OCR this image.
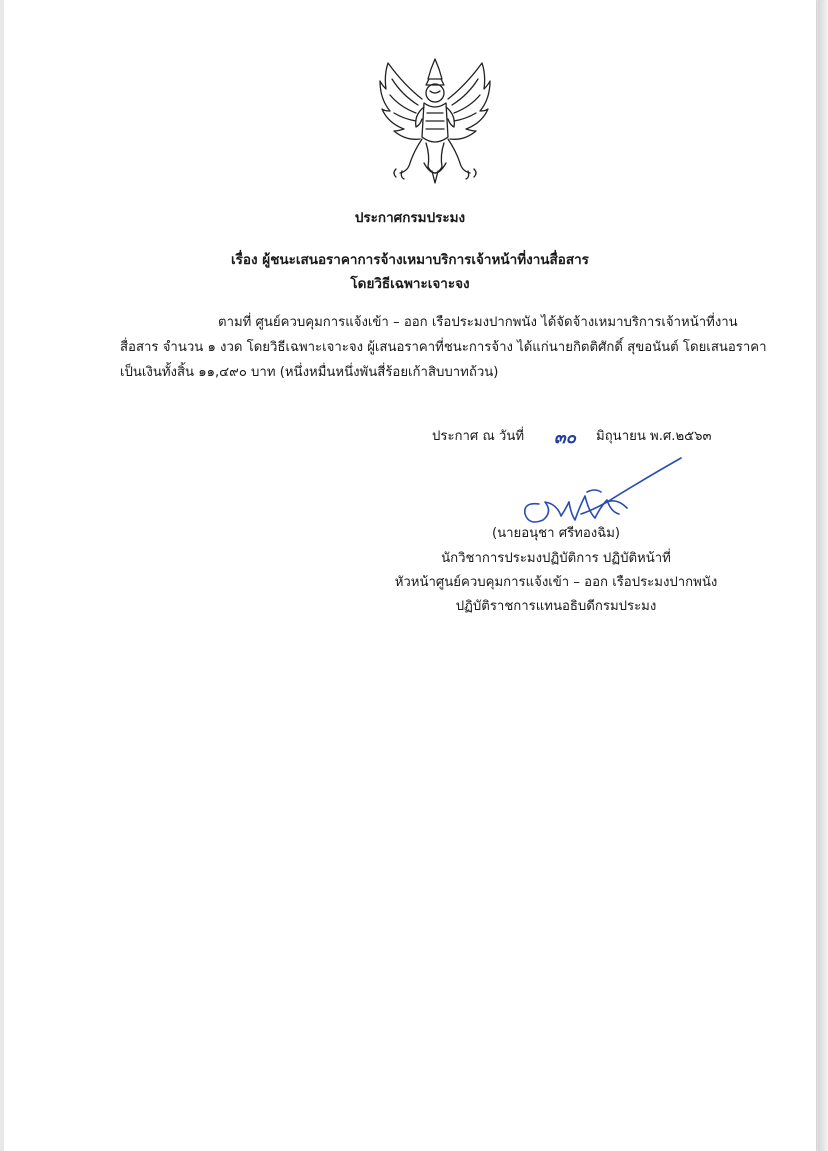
ประกาศกรมประมง
เรื่อง ผู้ชนะเสนอราคาการจ้างเหมาบริการเจ้าหน้าที่งานสื่อสาร
โดยวิธีเฉพาะเจาะจง
ตามที่ ศูนย์ควบคุมการแจ้งเข้า – ออก เรือประมงปากพนัง ได้จัดจ้างเหมาบริการเจ้าหน้าที่งาน
สื่อสาร จำนวน ๑ งวด โดยวิธีเฉพาะเจาะจง ผู้เสนอราคาที่ชนะการจ้าง ได้แก่นายกิตติศักดิ์ สุขอนันต์ โดยเสนอราคา
เป็นเงินทั้งสิ้น ๑๑,๔๙๐ บาท (หนึ่งหมื่นหนึ่งพันสี่ร้อยเก้าสิบบาทถ้วน)
ประกาศ ณ วันที่ ๓๐ มิถุนายน พ.ศ.๒๕๖๓
(นายอนุชา ศรีทองฉิม)
นักวิชาการประมงปฏิบัติการ ปฏิบัติหน้าที่
หัวหน้าศูนย์ควบคุมการแจ้งเข้า – ออก เรือประมงปากพนัง
ปฏิบัติราชการแทนอธิบดีกรมประมง
